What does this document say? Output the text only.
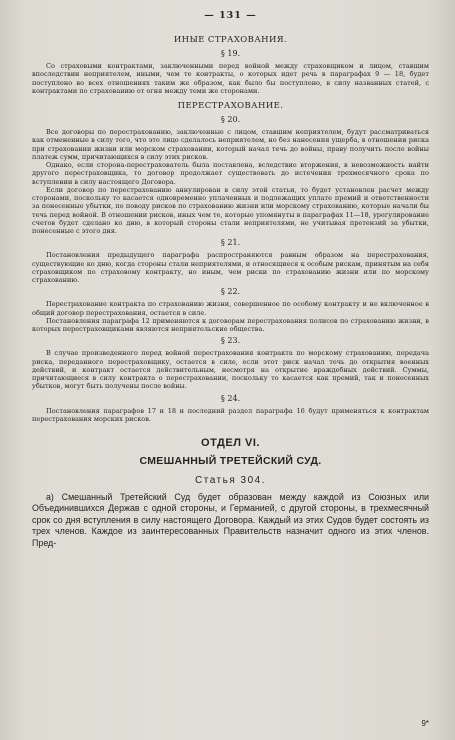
— 131 —
ИНЫЕ СТРАХОВАНИЯ.
§ 19.

Со страховыми контрактами, заключенными перед войной между страховщиком и лицом, ставшим впоследствии неприятелем, иными, чем те контракты, о которых идет речь в параграфах 9 — 18, будет поступлено во всех отношениях таким же образом, как было бы поступлено, в силу названных статей, с контрактами по страхованию от огня между теми же сторонами.

ПЕРЕСТРАХОВАНИЕ.
§ 20.

Все договоры по перестрахованию, заключенные с лицом, ставшим неприятелем, будут рассматриваться как отмененные в силу того, что это лицо сделалось неприятелем, но без нанесения ущерба, в отношении риска при страховании жизни или морском страховании, который начал течь до войны, праву получить после войны платеж сумм, причитающихся в силу этих рисков.

Однако, если сторона-перестрахователь была поставлена, вследствие вторжения, в невозможность найти другого перестраховщика, то договор продолжает существовать до истечения трехмесячного срока по вступлении в силу настоящего Договора.

Если договор по перестрахованию аннулирован в силу этой статьи, то будет установлен расчет между сторонами, поскольку то касается одновременно уплаченных и подлежащих уплате премий и ответственности за понесенные убытки, по поводу рисков по страхованию жизни или морскому страхованию, которые начали бы течь перед войной. В отношении рисков, иных чем те, которые упомянуты в параграфах 11—18, урегулирование счетов будет сделано ко дню, в который стороны стали неприятелями, не учитывая претензий за убытки, понесенные с этого дня.

§ 21.

Постановления предыдущего параграфа распространяются равным образом на перестрахования, существующие ко дню, когда стороны стали неприятелями, и относящиеся к особым рискам, принятым на себя страховщиком по страховому контракту, но иным, чем риски по страхованию жизни или по морскому страхованию.

§ 22.

Перестрахование контракта по страхованию жизни, совершенное по особому контракту и не включенное в общий договор перестрахования, остается в силе.

Постановления параграфа 12 применяются к договорам перестрахования полисов по страхованию жизни, в которых перестраховщиками являются неприятельские общества.

§ 23.

В случае произведенного перед войной перестрахования контракта по морскому страхованию, передача риска, переданного перестраховщику, остается в силе, если этот риск начал течь до открытия военных действий, и контракт остается действительным, несмотря на открытие враждебных действий. Суммы, причитающиеся в силу контракта о перестраховании, поскольку то касается как премий, так и понесенных убытков, могут быть получены после войны.

§ 24.

Постановления параграфов 17 и 18 и последний раздел параграфа 16 будут применяться к контрактам перестрахования морских рисков.

ОТДЕЛ VI.
СМЕШАННЫЙ ТРЕТЕЙСКИЙ СУД.
Статья 304.

а) Смешанный Третейский Суд будет образован между каждой из Союзных или Объединившихся Держав с одной стороны, и Германией, с другой стороны, в трехмесячный срок со дня вступления в силу настоящего Договора. Каждый из этих Судов будет состоять из трех членов. Каждое из заинтересованных Правительств назначит одного из этих членов. Пред-

9*
